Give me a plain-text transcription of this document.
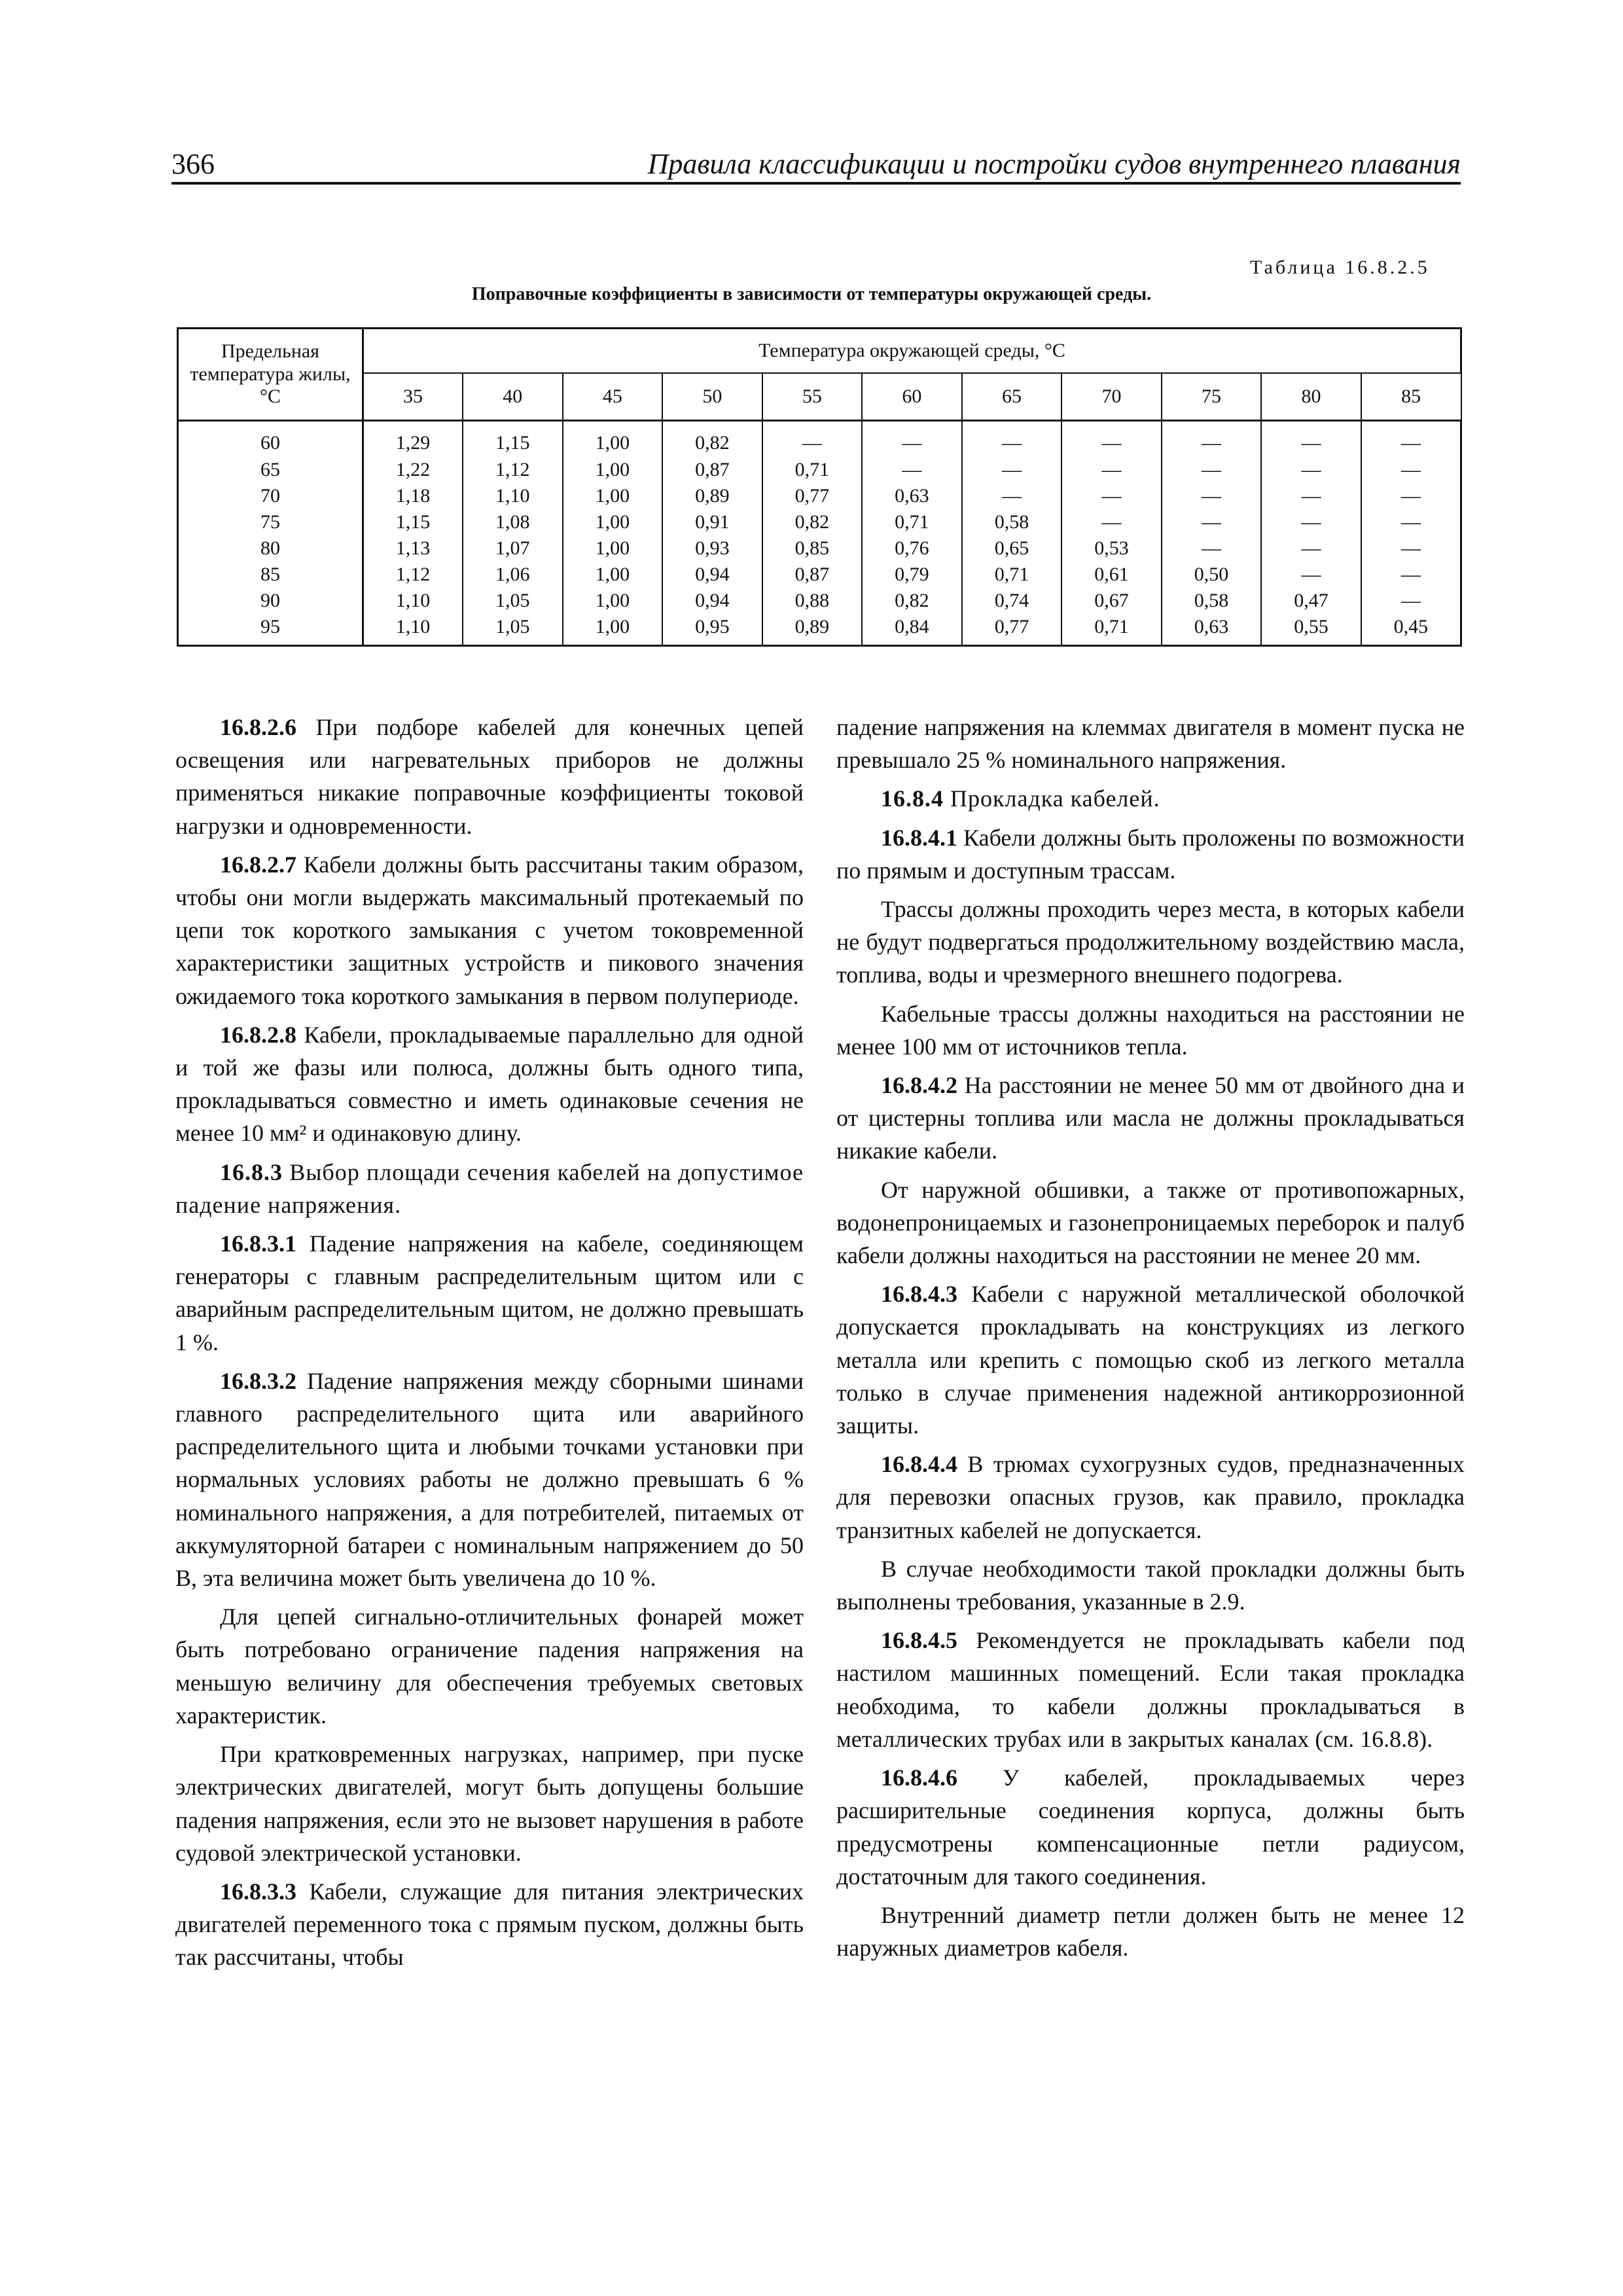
366	Правила классификации и постройки судов внутреннего плавания
Таблица 16.8.2.5
Поправочные коэффициенты в зависимости от температуры окружающей среды.
Предельная температура жилы, °С	Температура окружающей среды, °С										
	35	40	45	50	55	60	65	70	75	80	85
60	1,29	1,15	1,00	0,82	—	—	—	—	—	—	—
65	1,22	1,12	1,00	0,87	0,71	—	—	—	—	—	—
70	1,18	1,10	1,00	0,89	0,77	0,63	—	—	—	—	—
75	1,15	1,08	1,00	0,91	0,82	0,71	0,58	—	—	—	—
80	1,13	1,07	1,00	0,93	0,85	0,76	0,65	0,53	—	—	—
85	1,12	1,06	1,00	0,94	0,87	0,79	0,71	0,61	0,50	—	—
90	1,10	1,05	1,00	0,94	0,88	0,82	0,74	0,67	0,58	0,47	—
95	1,10	1,05	1,00	0,95	0,89	0,84	0,77	0,71	0,63	0,55	0,45

16.8.2.6 При подборе кабелей для конечных цепей освещения или нагревательных приборов не должны применяться никакие поправочные коэффициенты токовой нагрузки и одновременности.

16.8.2.7 Кабели должны быть рассчитаны таким образом, чтобы они могли выдержать максимальный протекаемый по цепи ток короткого замыкания с учетом токовременной характеристики защитных устройств и пикового значения ожидаемого тока короткого замыкания в первом полупериоде.

16.8.2.8 Кабели, прокладываемые параллельно для одной и той же фазы или полюса, должны быть одного типа, прокладываться совместно и иметь одинаковые сечения не менее 10 мм² и одинаковую длину.

16.8.3 Выбор площади сечения кабелей на допустимое падение напряжения.

16.8.3.1 Падение напряжения на кабеле, соединяющем генераторы с главным распределительным щитом или с аварийным распределительным щитом, не должно превышать 1 %.

16.8.3.2 Падение напряжения между сборными шинами главного распределительного щита или аварийного распределительного щита и любыми точками установки при нормальных условиях работы не должно превышать 6 % номинального напряжения, а для потребителей, питаемых от аккумуляторной батареи с номинальным напряжением до 50 В, эта величина может быть увеличена до 10 %.

Для цепей сигнально-отличительных фонарей может быть потребовано ограничение падения напряжения на меньшую величину для обеспечения требуемых световых характеристик.

При кратковременных нагрузках, например, при пуске электрических двигателей, могут быть допущены большие падения напряжения, если это не вызовет нарушения в работе судовой электрической установки.

16.8.3.3 Кабели, служащие для питания электрических двигателей переменного тока с прямым пуском, должны быть так рассчитаны, чтобы

падение напряжения на клеммах двигателя в момент пуска не превышало 25 % номинального напряжения.

16.8.4 Прокладка кабелей.

16.8.4.1 Кабели должны быть проложены по возможности по прямым и доступным трассам.

Трассы должны проходить через места, в которых кабели не будут подвергаться продолжительному воздействию масла, топлива, воды и чрезмерного внешнего подогрева.

Кабельные трассы должны находиться на расстоянии не менее 100 мм от источников тепла.

16.8.4.2 На расстоянии не менее 50 мм от двойного дна и от цистерны топлива или масла не должны прокладываться никакие кабели.

От наружной обшивки, а также от противопожарных, водонепроницаемых и газонепроницаемых переборок и палуб кабели должны находиться на расстоянии не менее 20 мм.

16.8.4.3 Кабели с наружной металлической оболочкой допускается прокладывать на конструкциях из легкого металла или крепить с помощью скоб из легкого металла только в случае применения надежной антикоррозионной защиты.

16.8.4.4 В трюмах сухогрузных судов, предназначенных для перевозки опасных грузов, как правило, прокладка транзитных кабелей не допускается.

В случае необходимости такой прокладки должны быть выполнены требования, указанные в 2.9.

16.8.4.5 Рекомендуется не прокладывать кабели под настилом машинных помещений. Если такая прокладка необходима, то кабели должны прокладываться в металлических трубах или в закрытых каналах (см. 16.8.8).

16.8.4.6 У кабелей, прокладываемых через расширительные соединения корпуса, должны быть предусмотрены компенсационные петли радиусом, достаточным для такого соединения.

Внутренний диаметр петли должен быть не менее 12 наружных диаметров кабеля.
